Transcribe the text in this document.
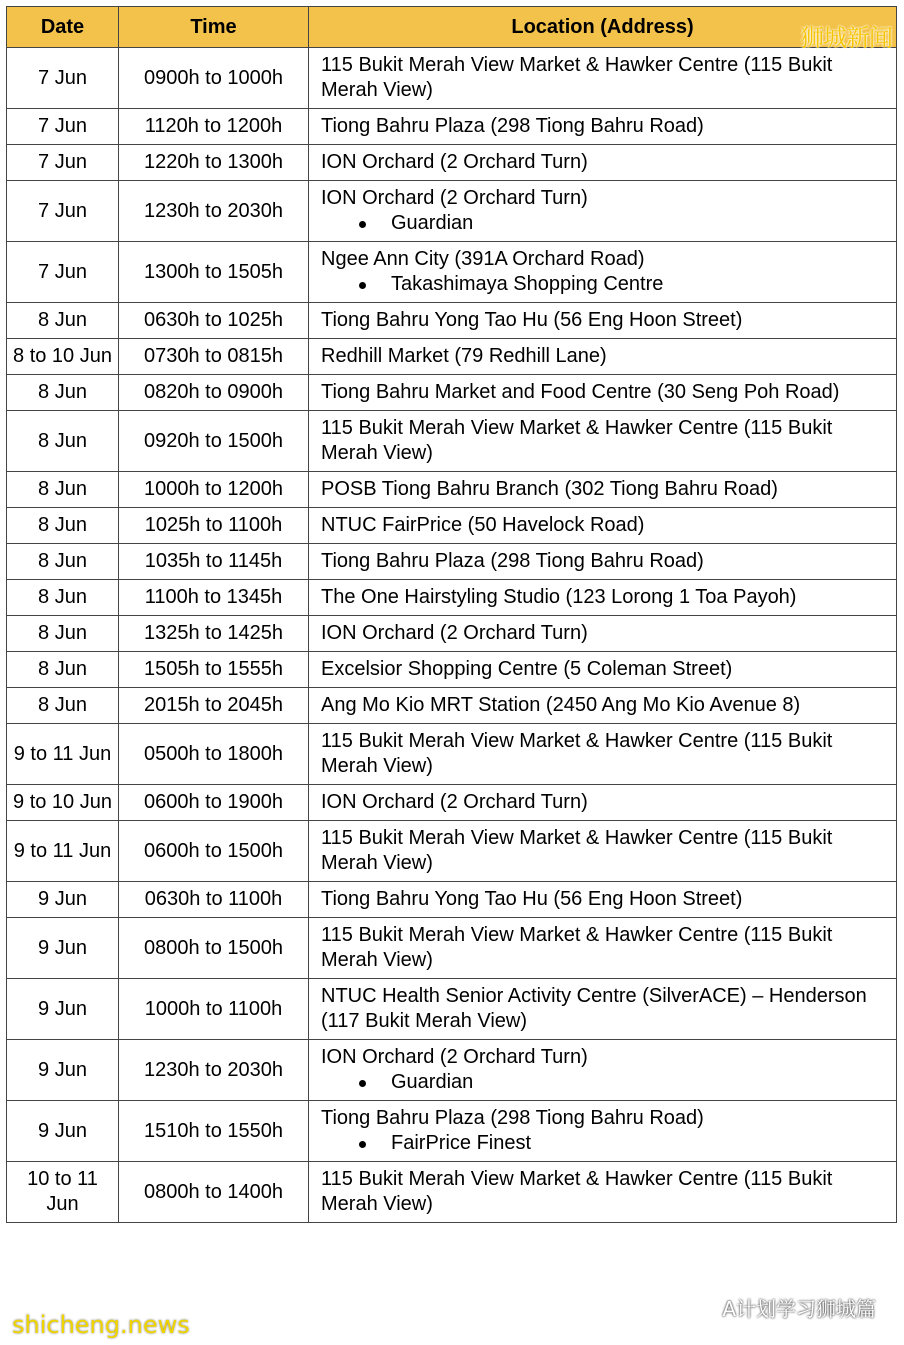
Date	Time	Location (Address)
7 Jun	0900h to 1000h	115 Bukit Merah View Market & Hawker Centre (115 Bukit Merah View)

7 Jun	1120h to 1200h	Tiong Bahru Plaza (298 Tiong Bahru Road)

7 Jun	1220h to 1300h	ION Orchard (2 Orchard Turn)

7 Jun	1230h to 2030h	ION Orchard (2 Orchard Turn)
Guardian

7 Jun	1300h to 1505h	Ngee Ann City (391A Orchard Road)
Takashimaya Shopping Centre

8 Jun	0630h to 1025h	Tiong Bahru Yong Tao Hu (56 Eng Hoon Street)

8 to 10 Jun	0730h to 0815h	Redhill Market (79 Redhill Lane)

8 Jun	0820h to 0900h	Tiong Bahru Market and Food Centre (30 Seng Poh Road)

8 Jun	0920h to 1500h	115 Bukit Merah View Market & Hawker Centre (115 Bukit Merah View)

8 Jun	1000h to 1200h	POSB Tiong Bahru Branch (302 Tiong Bahru Road)

8 Jun	1025h to 1100h	NTUC FairPrice (50 Havelock Road)

8 Jun	1035h to 1145h	Tiong Bahru Plaza (298 Tiong Bahru Road)

8 Jun	1100h to 1345h	The One Hairstyling Studio (123 Lorong 1 Toa Payoh)

8 Jun	1325h to 1425h	ION Orchard (2 Orchard Turn)

8 Jun	1505h to 1555h	Excelsior Shopping Centre (5 Coleman Street)

8 Jun	2015h to 2045h	Ang Mo Kio MRT Station (2450 Ang Mo Kio Avenue 8)

9 to 11 Jun	0500h to 1800h	115 Bukit Merah View Market & Hawker Centre (115 Bukit Merah View)

9 to 10 Jun	0600h to 1900h	ION Orchard (2 Orchard Turn)

9 to 11 Jun	0600h to 1500h	115 Bukit Merah View Market & Hawker Centre (115 Bukit Merah View)

9 Jun	0630h to 1100h	Tiong Bahru Yong Tao Hu (56 Eng Hoon Street)

9 Jun	0800h to 1500h	115 Bukit Merah View Market & Hawker Centre (115 Bukit Merah View)

9 Jun	1000h to 1100h	NTUC Health Senior Activity Centre (SilverACE) – Henderson (117 Bukit Merah View)

9 Jun	1230h to 2030h	ION Orchard (2 Orchard Turn)
Guardian

9 Jun	1510h to 1550h	Tiong Bahru Plaza (298 Tiong Bahru Road)
FairPrice Finest

10 to 11 Jun	0800h to 1400h	115 Bukit Merah View Market & Hawker Centre (115 Bukit Merah View)
狮城新闻
shicheng.news
A计划学习狮城篇
